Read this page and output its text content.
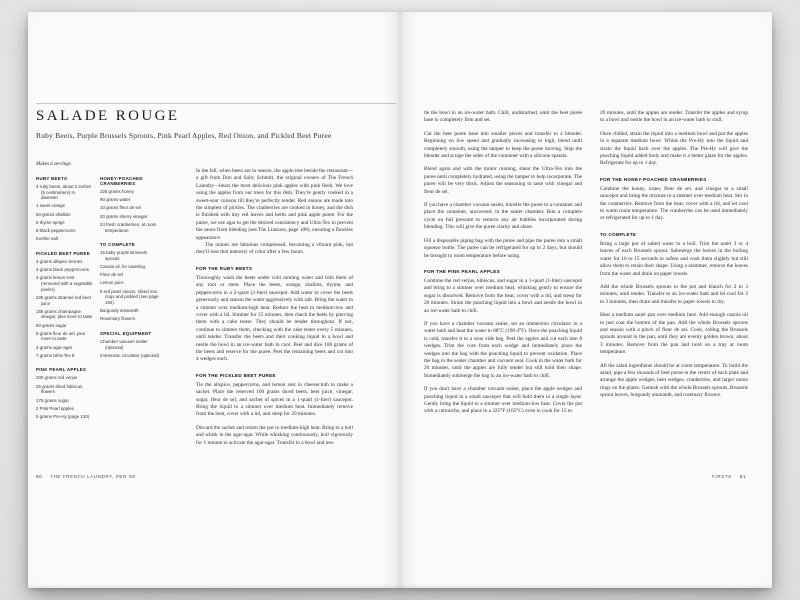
SALADE ROUGE
Ruby Beets, Purple Brussels Sprouts, Pink Pearl Apples, Red Onion, and Pickled Beet Puree
Makes 6 servings
RUBY BEETS
4 ruby beets, about 2 inches (5 centimeters) in diameter
1 navel orange
50 grams shallots
5 thyme sprigs
8 black peppercorns
Kosher salt
PICKLED BEET PUREE
4 grams allspice berries
4 grams black peppercorns
4 grams lemon zest (removed with a vegetable peeler)
225 grams strained red beet juice
165 grams champagne vinegar, plus more to taste
80 grams sugar
8 grams fleur de sel, plus more to taste
4 grams agar-agar
7 grams Ultra-Tex 8
PINK PEARL APPLES
200 grams red verjus
25 grams dried hibiscus flowers
175 grams sugar
2 Pink Pearl apples
8 grams Pre-Hy (page 120)
HONEY-POACHED CRANBERRIES
225 grams honey
90 grams water
10 grams fleur de sel
20 grams sherry vinegar
24 fresh cranberries, at room temperature
TO COMPLETE
16 baby purple Brussels sprouts
Canola oil, for sautéing
Fleur de sel
Lemon juice
6 red pearl onions, sliced into rings and pickled (see page 194)
Burgundy amaranth
Rosemary flowers
SPECIAL EQUIPMENT
Chamber vacuum sealer (optional)
Immersion circulator (optional)

In the fall, when beets are in season, the apple tree beside the restaurant—a gift from Don and Sally Schmitt, the original owners of The French Laundry—bears the most delicious pink apples with pink flesh. We love using the apples from our trees for this dish. They're gently cooked in a sweet-sour cuisson till they're perfectly tender. Red onions are made into the simplest of pickles. The cranberries are cooked in honey, and the dish is finished with tiny red leaves and herbs and pink apple puree. For the puree, we use agar to get the desired consistency and Ultra-Tex to prevent the sauce from bleeding (see The Liaisons, page 108), ensuring a flawless appearance.

The onions are fabulous compressed, becoming a vibrant pink, but they'll lose that intensity of color after a few hours.

FOR THE RUBY BEETS

Thoroughly wash the beets under cold running water and trim them of any root or stem. Place the beets, orange, shallots, thyme, and peppercorns in a 2-quart (2-liter) saucepot. Add water to cover the beets generously and season the water aggressively with salt. Bring the water to a simmer over medium-high heat. Reduce the heat to medium-low and cover with a lid. Simmer for 25 minutes, then check the beets by piercing them with a cake tester. They should be tender throughout. If not, continue to simmer them, checking with the cake tester every 5 minutes, until tender. Transfer the beets and their cooking liquid to a bowl and nestle the bowl in an ice-water bath to cool. Peel and dice 100 grams of the beets and reserve for the puree. Peel the remaining beets and cut into 4 wedges each.

FOR THE PICKLED BEET PUREE

Tie the allspice, peppercorns, and lemon zest in cheesecloth to make a sachet. Place the reserved 100 grams diced beets, beet juice, vinegar, sugar, fleur de sel, and sachet of spices in a 1-quart (1-liter) saucepot. Bring the liquid to a simmer over medium heat. Immediately remove from the heat, cover with a lid, and steep for 20 minutes.

Discard the sachet and return the pot to medium-high heat. Bring to a boil and whisk in the agar-agar. While whisking continuously, boil vigorously for 1 minute to activate the agar-agar. Transfer to a bowl and nes-

90 THE FRENCH LAUNDRY, PER SE

tle the bowl in an ice-water bath. Chill, undisturbed, until the beet puree base is completely firm and set.

Cut the beet puree base into smaller pieces and transfer to a blender. Beginning on low speed and gradually increasing to high, blend until completely smooth, using the tamper to keep the puree moving. Stop the blender and scrape the sides of the container with a silicone spatula.

Blend again and with the motor running, shear the Ultra-Tex into the puree until completely hydrated, using the tamper to help incorporate. The puree will be very thick. Adjust the seasoning to taste with vinegar and fleur de sel.

If you have a chamber vacuum sealer, transfer the puree to a container and place the container, uncovered, in the sealer chamber. Run a complete cycle on full pressure to remove any air bubbles incorporated during blending. This will give the puree clarity and shine.

Fill a disposable piping bag with the puree and pipe the puree into a small squeeze bottle. The puree can be refrigerated for up to 2 days, but should be brought to room temperature before using.

FOR THE PINK PEARL APPLES

Combine the red verjus, hibiscus, and sugar in a 1-quart (1-liter) saucepot and bring to a simmer over medium heat, whisking gently to ensure the sugar is dissolved. Remove from the heat, cover with a lid, and steep for 20 minutes. Strain the poaching liquid into a bowl and nestle the bowl in an ice-water bath to chill.

If you have a chamber vacuum sealer, set an immersion circulator in a water bath and heat the water to 88°C (190.4°F). Once the poaching liquid is cold, transfer it to a sous vide bag. Peel the apples and cut each into 8 wedges. Trim the core from each wedge and immediately place the wedges into the bag with the poaching liquid to prevent oxidation. Place the bag in the sealer chamber and vacuum seal. Cook in the water bath for 20 minutes, until the apples are fully tender but still hold their shape. Immediately submerge the bag in an ice-water bath to chill.

If you don't have a chamber vacuum sealer, place the apple wedges and poaching liquid in a small saucepot that will hold them in a single layer. Gently bring the liquid to a simmer over medium-low heat. Cover the pot with a cartouche, and place in a 325°F (165°C) oven to cook for 15 to

20 minutes, until the apples are tender. Transfer the apples and syrup to a bowl and nestle the bowl in an ice-water bath to chill.

Once chilled, strain the liquid into a medium bowl and put the apples in a separate medium bowl. Whisk the Pre-Hy into the liquid and strain the liquid back over the apples. The Pre-Hy will give the poaching liquid added body and make it a better glaze for the apples. Refrigerate for up to 1 day.

FOR THE HONEY-POACHED CRANBERRIES

Combine the honey, water, fleur de sel, and vinegar in a small saucepot and bring the mixture to a simmer over medium heat. Stir in the cranberries. Remove from the heat, cover with a lid, and let cool to warm room temperature. The cranberries can be used immediately or refrigerated for up to 1 day.

TO COMPLETE

Bring a large pot of salted water to a boil. Trim the outer 3 or 4 leaves of each Brussels sprout. Submerge the leaves in the boiling water for 10 to 15 seconds to soften and cook them slightly but still allow them to retain their shape. Using a skimmer, remove the leaves from the water and drain on paper towels.

Add the whole Brussels sprouts to the pot and blanch for 2 to 3 minutes, until tender. Transfer to an ice-water bath and let cool for 2 to 3 minutes, then drain and transfer to paper towels to dry.

Heat a medium sauté pan over medium heat. Add enough canola oil to just coat the bottom of the pan. Add the whole Brussels sprouts and season with a pinch of fleur de sel. Cook, rolling the Brussels sprouts around in the pan, until they are evenly golden brown, about 3 minutes. Remove from the pan and hold on a tray at room temperature.

All the salad ingredients should be at room temperature. To build the salad, pipe a few mounds of beet puree in the center of each plate and arrange the apple wedges, beet wedges, cranberries, and larger onion rings on the plates. Garnish with the whole Brussels sprouts, Brussels sprout leaves, burgundy amaranth, and rosemary flowers.

FIRSTS 91
